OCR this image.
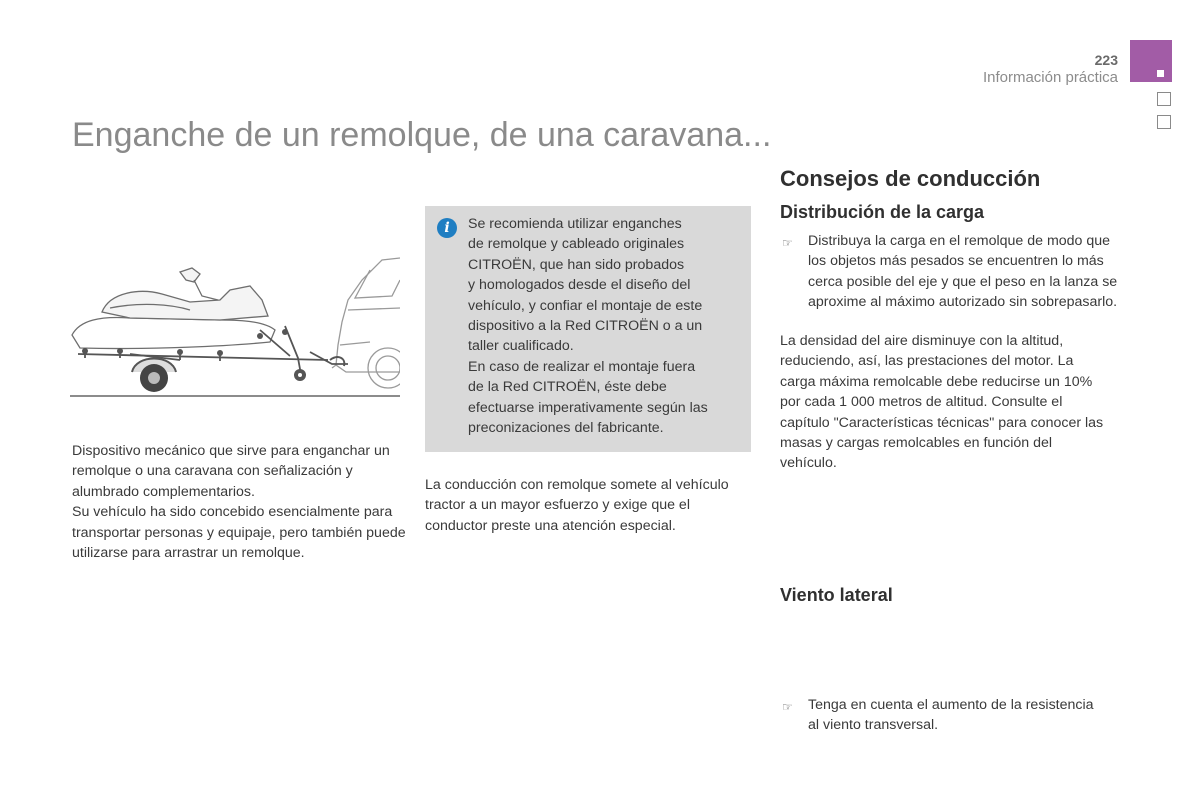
223
Información práctica
Enganche de un remolque, de una caravana...

Dispositivo mecánico que sirve para enganchar un remolque o una caravana con señalización y alumbrado complementarios.

Su vehículo ha sido concebido esencialmente para transportar personas y equipaje, pero también puede utilizarse para arrastrar un remolque.

i	Se recomienda utilizar enganches
de remolque y cableado originales
CITROËN, que han sido probados
y homologados desde el diseño del
vehículo, y confiar el montaje de este
dispositivo a la Red CITROËN o a un
taller cualificado.
En caso de realizar el montaje fuera
de la Red CITROËN, éste debe
efectuarse imperativamente según las
preconizaciones del fabricante.

La conducción con remolque somete al vehículo tractor a un mayor esfuerzo y exige que el conductor preste una atención especial.

Consejos de conducción
Distribución de la carga
☞ Distribuya la carga en el remolque de modo que los objetos más pesados se encuentren lo más cerca posible del eje y que el peso en la lanza se aproxime al máximo autorizado sin sobrepasarlo.

La densidad del aire disminuye con la altitud, reduciendo, así, las prestaciones del motor. La carga máxima remolcable debe reducirse un 10% por cada 1 000 metros de altitud. Consulte el capítulo "Características técnicas" para conocer las masas y cargas remolcables en función del vehículo.

Viento lateral
☞ Tenga en cuenta el aumento de la resistencia al viento transversal.
